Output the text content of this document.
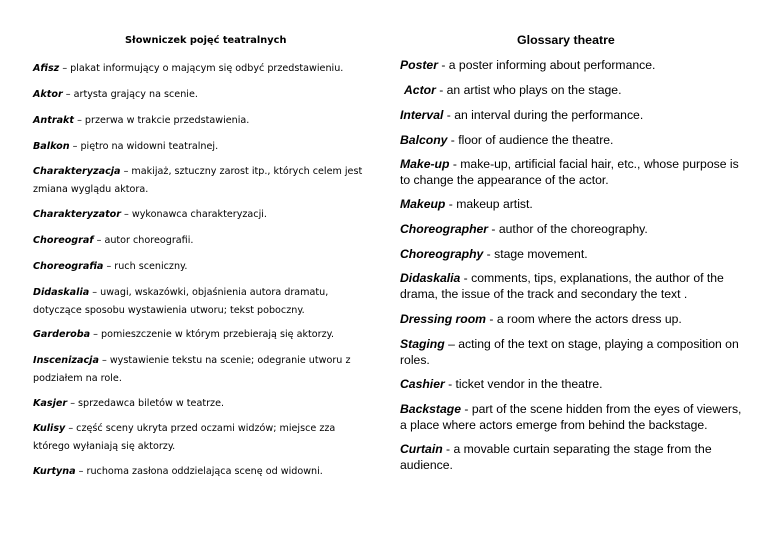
Słowniczek pojęć teatralnych
Afisz – plakat informujący o mającym się odbyć przedstawieniu.
Aktor – artysta grający na scenie.
Antrakt – przerwa w trakcie przedstawienia.
Balkon – piętro na widowni teatralnej.
Charakteryzacja – makijaż, sztuczny zarost itp., których celem jest zmiana wyglądu aktora.
Charakteryzator – wykonawca charakteryzacji.
Choreograf – autor choreografii.
Choreografia – ruch sceniczny.
Didaskalia – uwagi, wskazówki, objaśnienia autora dramatu, dotyczące sposobu wystawienia utworu; tekst poboczny.
Garderoba – pomieszczenie w którym przebierają się aktorzy.
Inscenizacja – wystawienie tekstu na scenie; odegranie utworu z podziałem na role.
Kasjer – sprzedawca biletów w teatrze.
Kulisy – część sceny ukryta przed oczami widzów; miejsce zza którego wyłaniają się aktorzy.
Kurtyna – ruchoma zasłona oddzielająca scenę od widowni.
Glossary theatre
Poster - a poster informing about performance.
Actor - an artist who plays on the stage.
Interval - an interval during the performance.
Balcony - floor of audience the theatre.
Make-up - make-up, artificial facial hair, etc., whose purpose is to change the appearance of the actor.
Makeup - makeup artist.
Choreographer - author of the choreography.
Choreography - stage movement.
Didaskalia - comments, tips, explanations, the author of the drama, the issue of the track and secondary the text .
Dressing room - a room where the actors dress up.
Staging – acting of the text on stage, playing a composition on roles.
Cashier - ticket vendor in the theatre.
Backstage - part of the scene hidden from the eyes of viewers, a place where actors emerge from behind the backstage.
Curtain - a movable curtain separating the stage from the audience.
